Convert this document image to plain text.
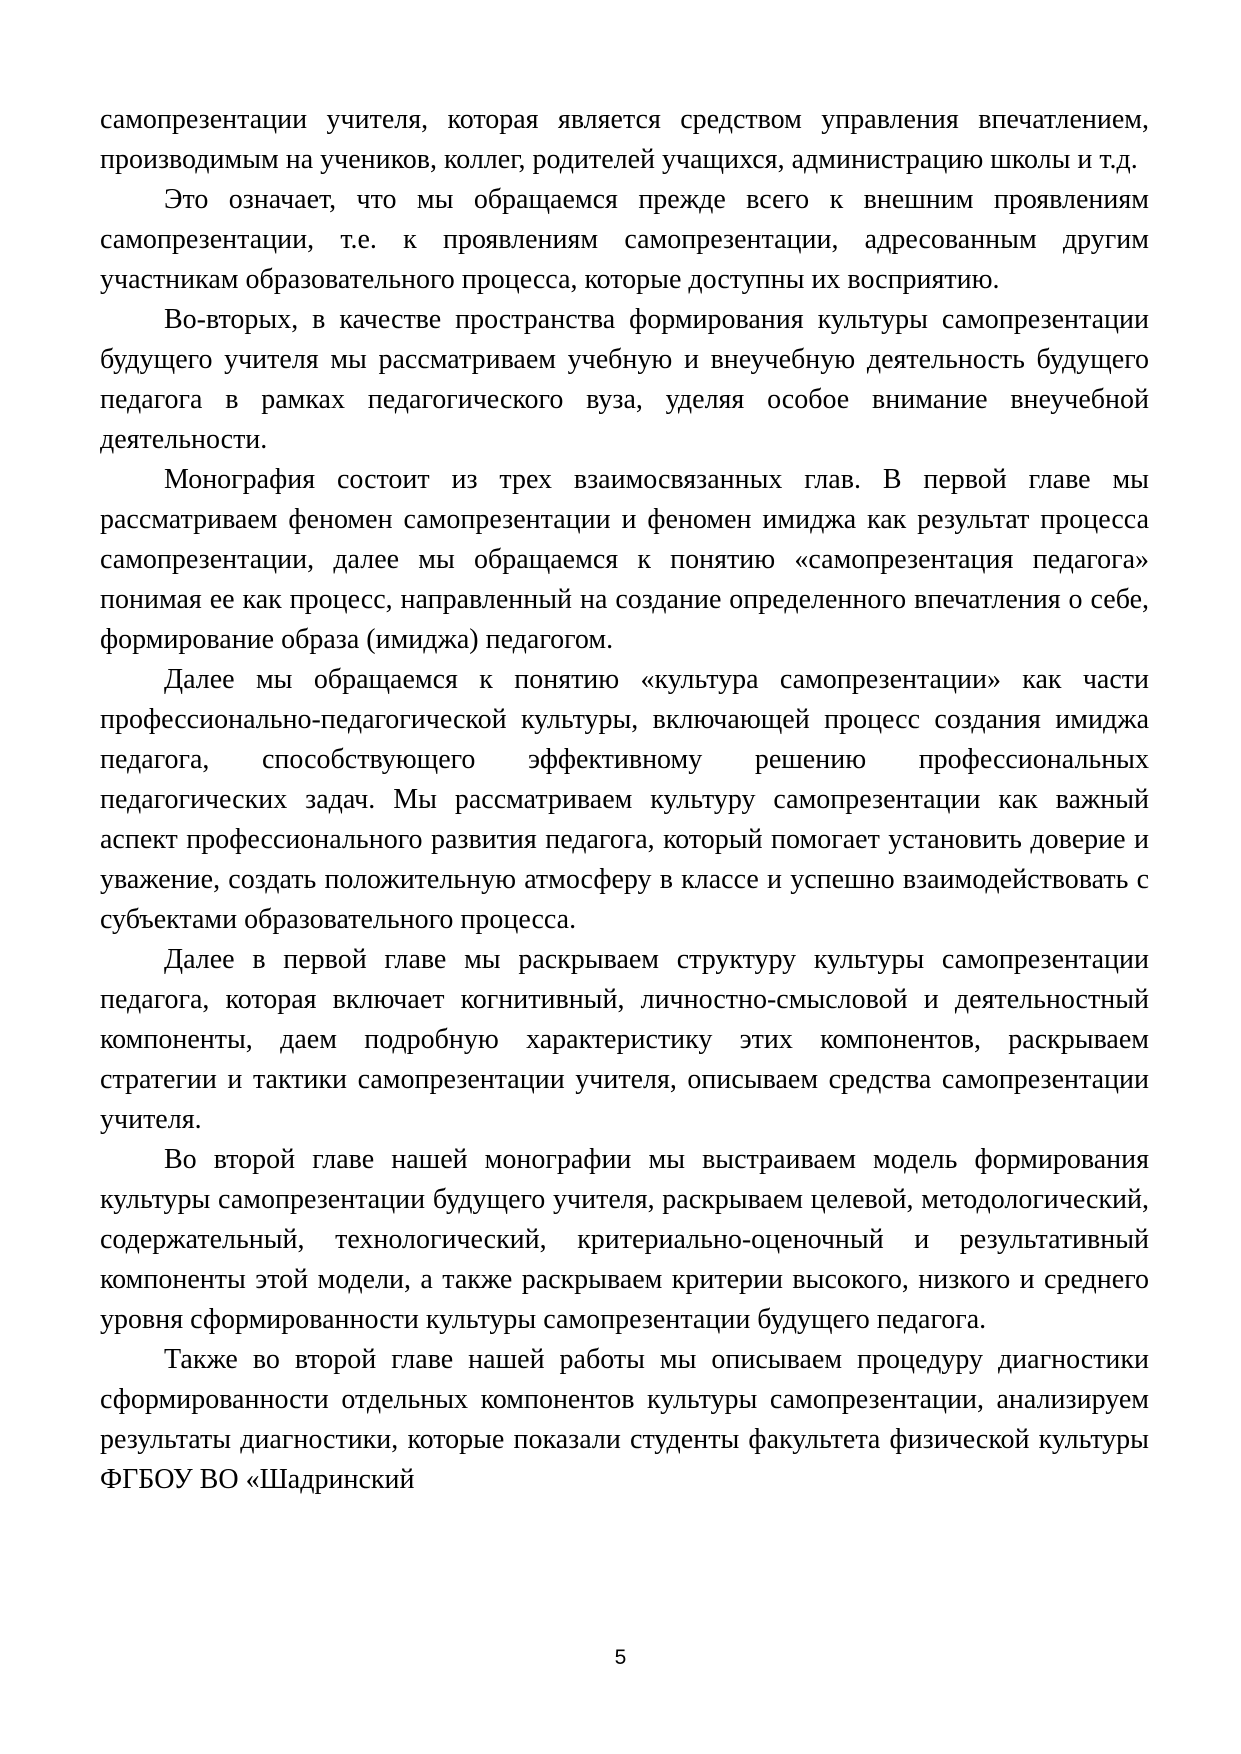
самопрезентации учителя, которая является средством управления впечатлением, производимым на учеников, коллег, родителей учащихся, администрацию школы и т.д.

Это означает, что мы обращаемся прежде всего к внешним проявлениям самопрезентации, т.е. к проявлениям самопрезентации, адресованным другим участникам образовательного процесса, которые доступны их восприятию.

Во-вторых, в качестве пространства формирования культуры самопрезентации будущего учителя мы рассматриваем учебную и внеучебную деятельность будущего педагога в рамках педагогического вуза, уделяя особое внимание внеучебной деятельности.

Монография состоит из трех взаимосвязанных глав. В первой главе мы рассматриваем феномен самопрезентации и феномен имиджа как результат процесса самопрезентации, далее мы обращаемся к понятию «самопрезентация педагога» понимая ее как процесс, направленный на создание определенного впечатления о себе, формирование образа (имиджа) педагогом.

Далее мы обращаемся к понятию «культура самопрезентации» как части профессионально-педагогической культуры, включающей процесс создания имиджа педагога, способствующего эффективному решению профессиональных педагогических задач. Мы рассматриваем культуру самопрезентации как важный аспект профессионального развития педагога, который помогает установить доверие и уважение, создать положительную атмосферу в классе и успешно взаимодействовать с субъектами образовательного процесса.

Далее в первой главе мы раскрываем структуру культуры самопрезентации педагога, которая включает когнитивный, личностно-смысловой и деятельностный компоненты, даем подробную характеристику этих компонентов, раскрываем стратегии и тактики самопрезентации учителя, описываем средства самопрезентации учителя.

Во второй главе нашей монографии мы выстраиваем модель формирования культуры самопрезентации будущего учителя, раскрываем целевой, методологический, содержательный, технологический, критериально-оценочный и результативный компоненты этой модели, а также раскрываем критерии высокого, низкого и среднего уровня сформированности культуры самопрезентации будущего педагога.

Также во второй главе нашей работы мы описываем процедуру диагностики сформированности отдельных компонентов культуры самопрезентации, анализируем результаты диагностики, которые показали студенты факультета физической культуры ФГБОУ ВО «Шадринский

5
